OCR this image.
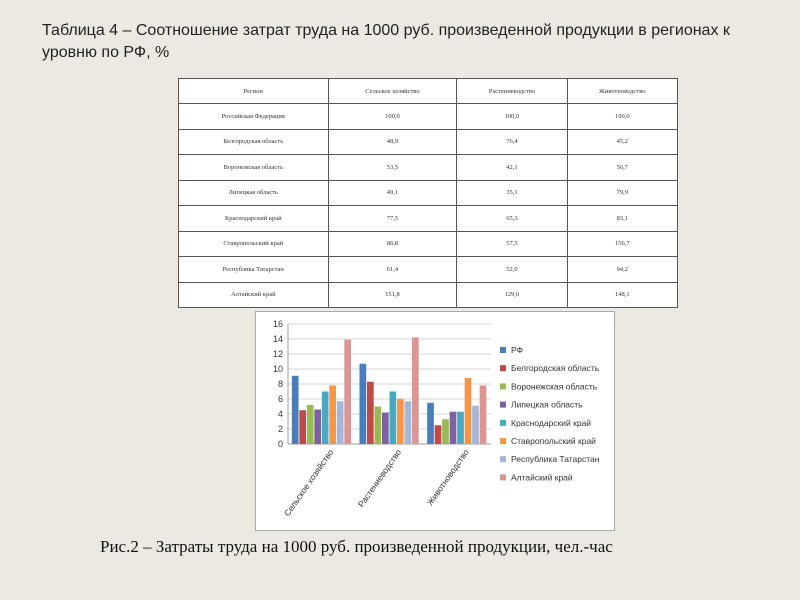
Таблица 4 – Соотношение затрат труда на 1000 руб. произведенной продукции в регионах к уровню по РФ, %
Регион	Сельское хозяйство	Растениеводство	Животноводство
Российская Федерация	100,0	100,0	100,0
Белгородская область	48,9	76,4	45,2
Воронежская область	53,5	42,1	56,7
Липецкая область	49,1	35,1	79,9
Краснодарский край	77,5	65,3	83,1
Ставропольский край	86,8	57,5	156,7
Республика Татарстан	61,4	52,0	94,2
Алтайский край	151,8	129,0	148,1
0
2
4
6
8
10
12
14
16
Сельское хозяйство Растениеводство	Животноводство
РФ
Белгородская область
Воронежская область
Липецкая область
Краснодарский край
Ставропольский край
Республика Татарстан
Алтайский край

Рис.2 – Затраты труда на 1000 руб. произведенной продукции, чел.-час
